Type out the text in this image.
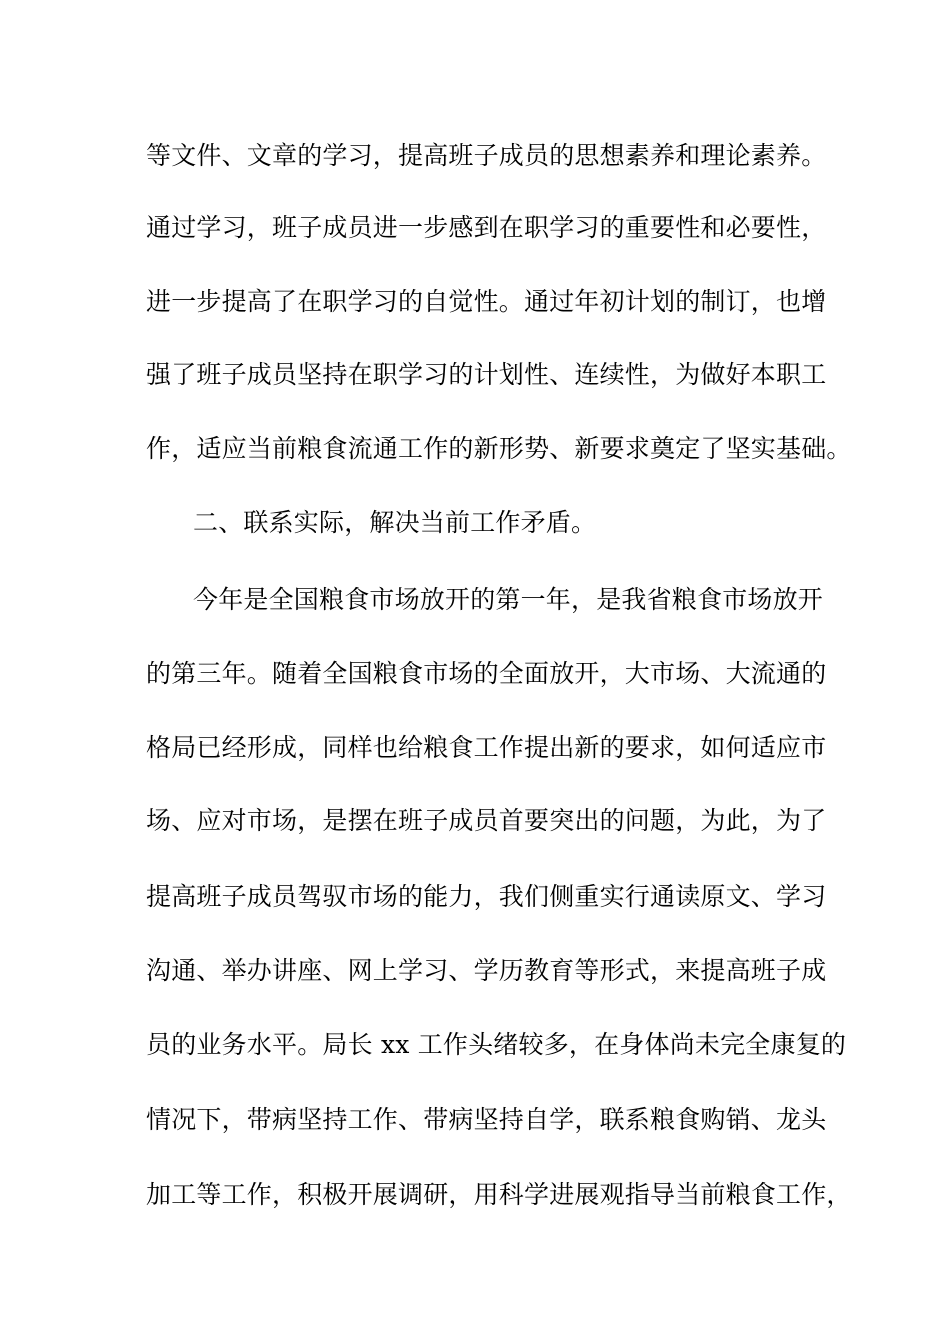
等文件、文章的学习，提高班子成员的思想素养和理论素养。
通过学习，班子成员进一步感到在职学习的重要性和必要性，
进一步提高了在职学习的自觉性。通过年初计划的制订，也增
强了班子成员坚持在职学习的计划性、连续性，为做好本职工
作，适应当前粮食流通工作的新形势、新要求奠定了坚实基础。
二、联系实际，解决当前工作矛盾。
今年是全国粮食市场放开的第一年，是我省粮食市场放开
的第三年。随着全国粮食市场的全面放开，大市场、大流通的
格局已经形成，同样也给粮食工作提出新的要求，如何适应市
场、应对市场，是摆在班子成员首要突出的问题，为此，为了
提高班子成员驾驭市场的能力，我们侧重实行通读原文、学习
沟通、举办讲座、网上学习、学历教育等形式，来提高班子成
员的业务水平。局长 xx 工作头绪较多，在身体尚未完全康复的
情况下，带病坚持工作、带病坚持自学，联系粮食购销、龙头
加工等工作，积极开展调研，用科学进展观指导当前粮食工作，
